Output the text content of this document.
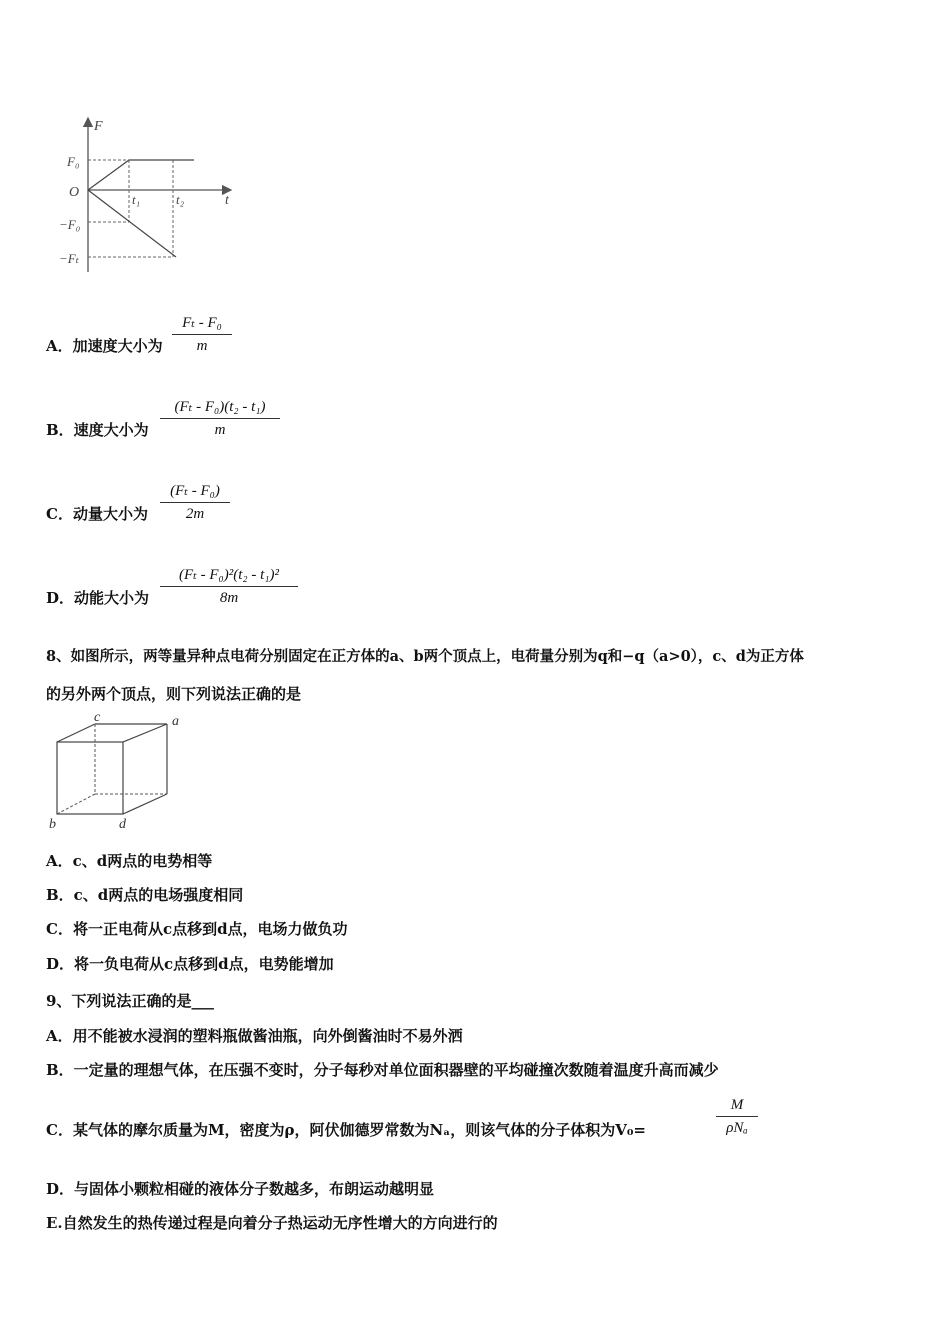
F
t
O
F₀
−F₀
−Fₜ
t₁	t₂
A．加速度大小为
Fₜ - F₀
m
B．速度大小为
(Fₜ - F₀)(t₂ - t₁)
m
C．动量大小为
(Fₜ - F₀)
2m
D．动能大小为
(Fₜ - F₀)²(t₂ - t₁)²
8m
8、如图所示，两等量异种点电荷分别固定在正方体的a、b两个顶点上，电荷量分别为q和−q（a>0），c、d为正方体
的另外两个顶点，则下列说法正确的是
c	a
b	d
A．c、d两点的电势相等
B．c、d两点的电场强度相同
C．将一正电荷从c点移到d点，电场力做负功
D．将一负电荷从c点移到d点，电势能增加
9、下列说法正确的是___
A．用不能被水浸润的塑料瓶做酱油瓶，向外倒酱油时不易外洒
B．一定量的理想气体，在压强不变时，分子每秒对单位面积器壁的平均碰撞次数随着温度升高而减少
C．某气体的摩尔质量为M，密度为ρ，阿伏伽德罗常数为Nₐ，则该气体的分子体积为V₀=
M
ρNₐ
D．与固体小颗粒相碰的液体分子数越多，布朗运动越明显
E.自然发生的热传递过程是向着分子热运动无序性增大的方向进行的
